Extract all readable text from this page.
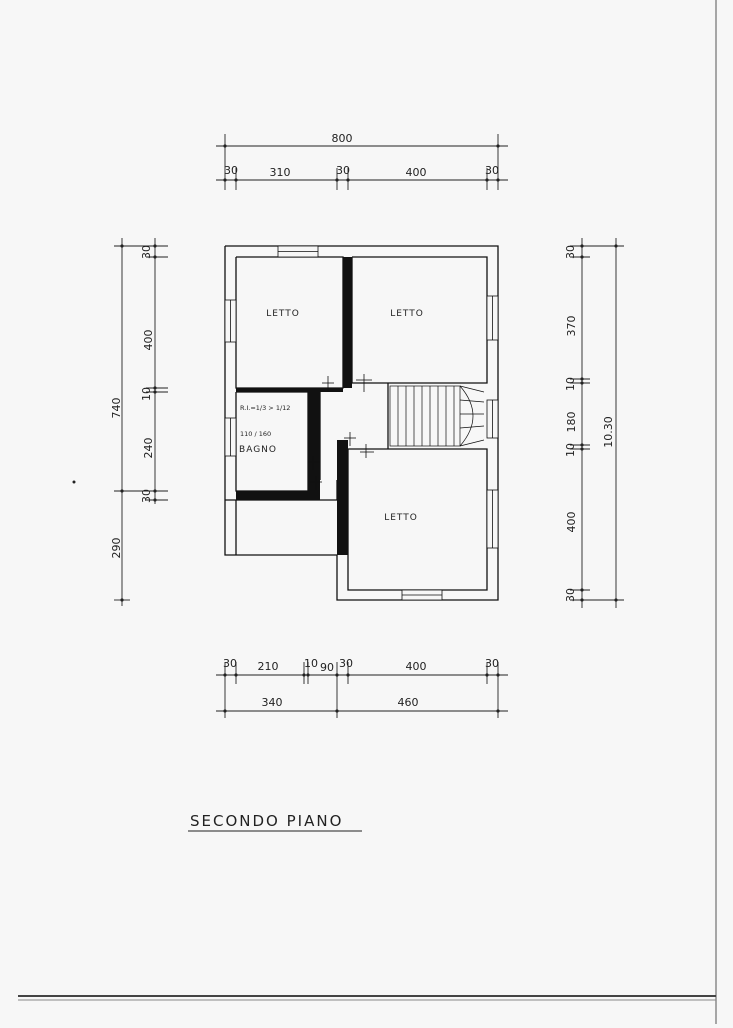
800
30	310	30	400	30
740
290
30
400
10
240
30
10.30
30
370
10
180
10
400
30
30 210 10 90 30	400	30
340	460
LETTO	LETTO
LETTO
BAGNO
R.I.=1/3 > 1/12
110 / 160
SECONDO PIANO
